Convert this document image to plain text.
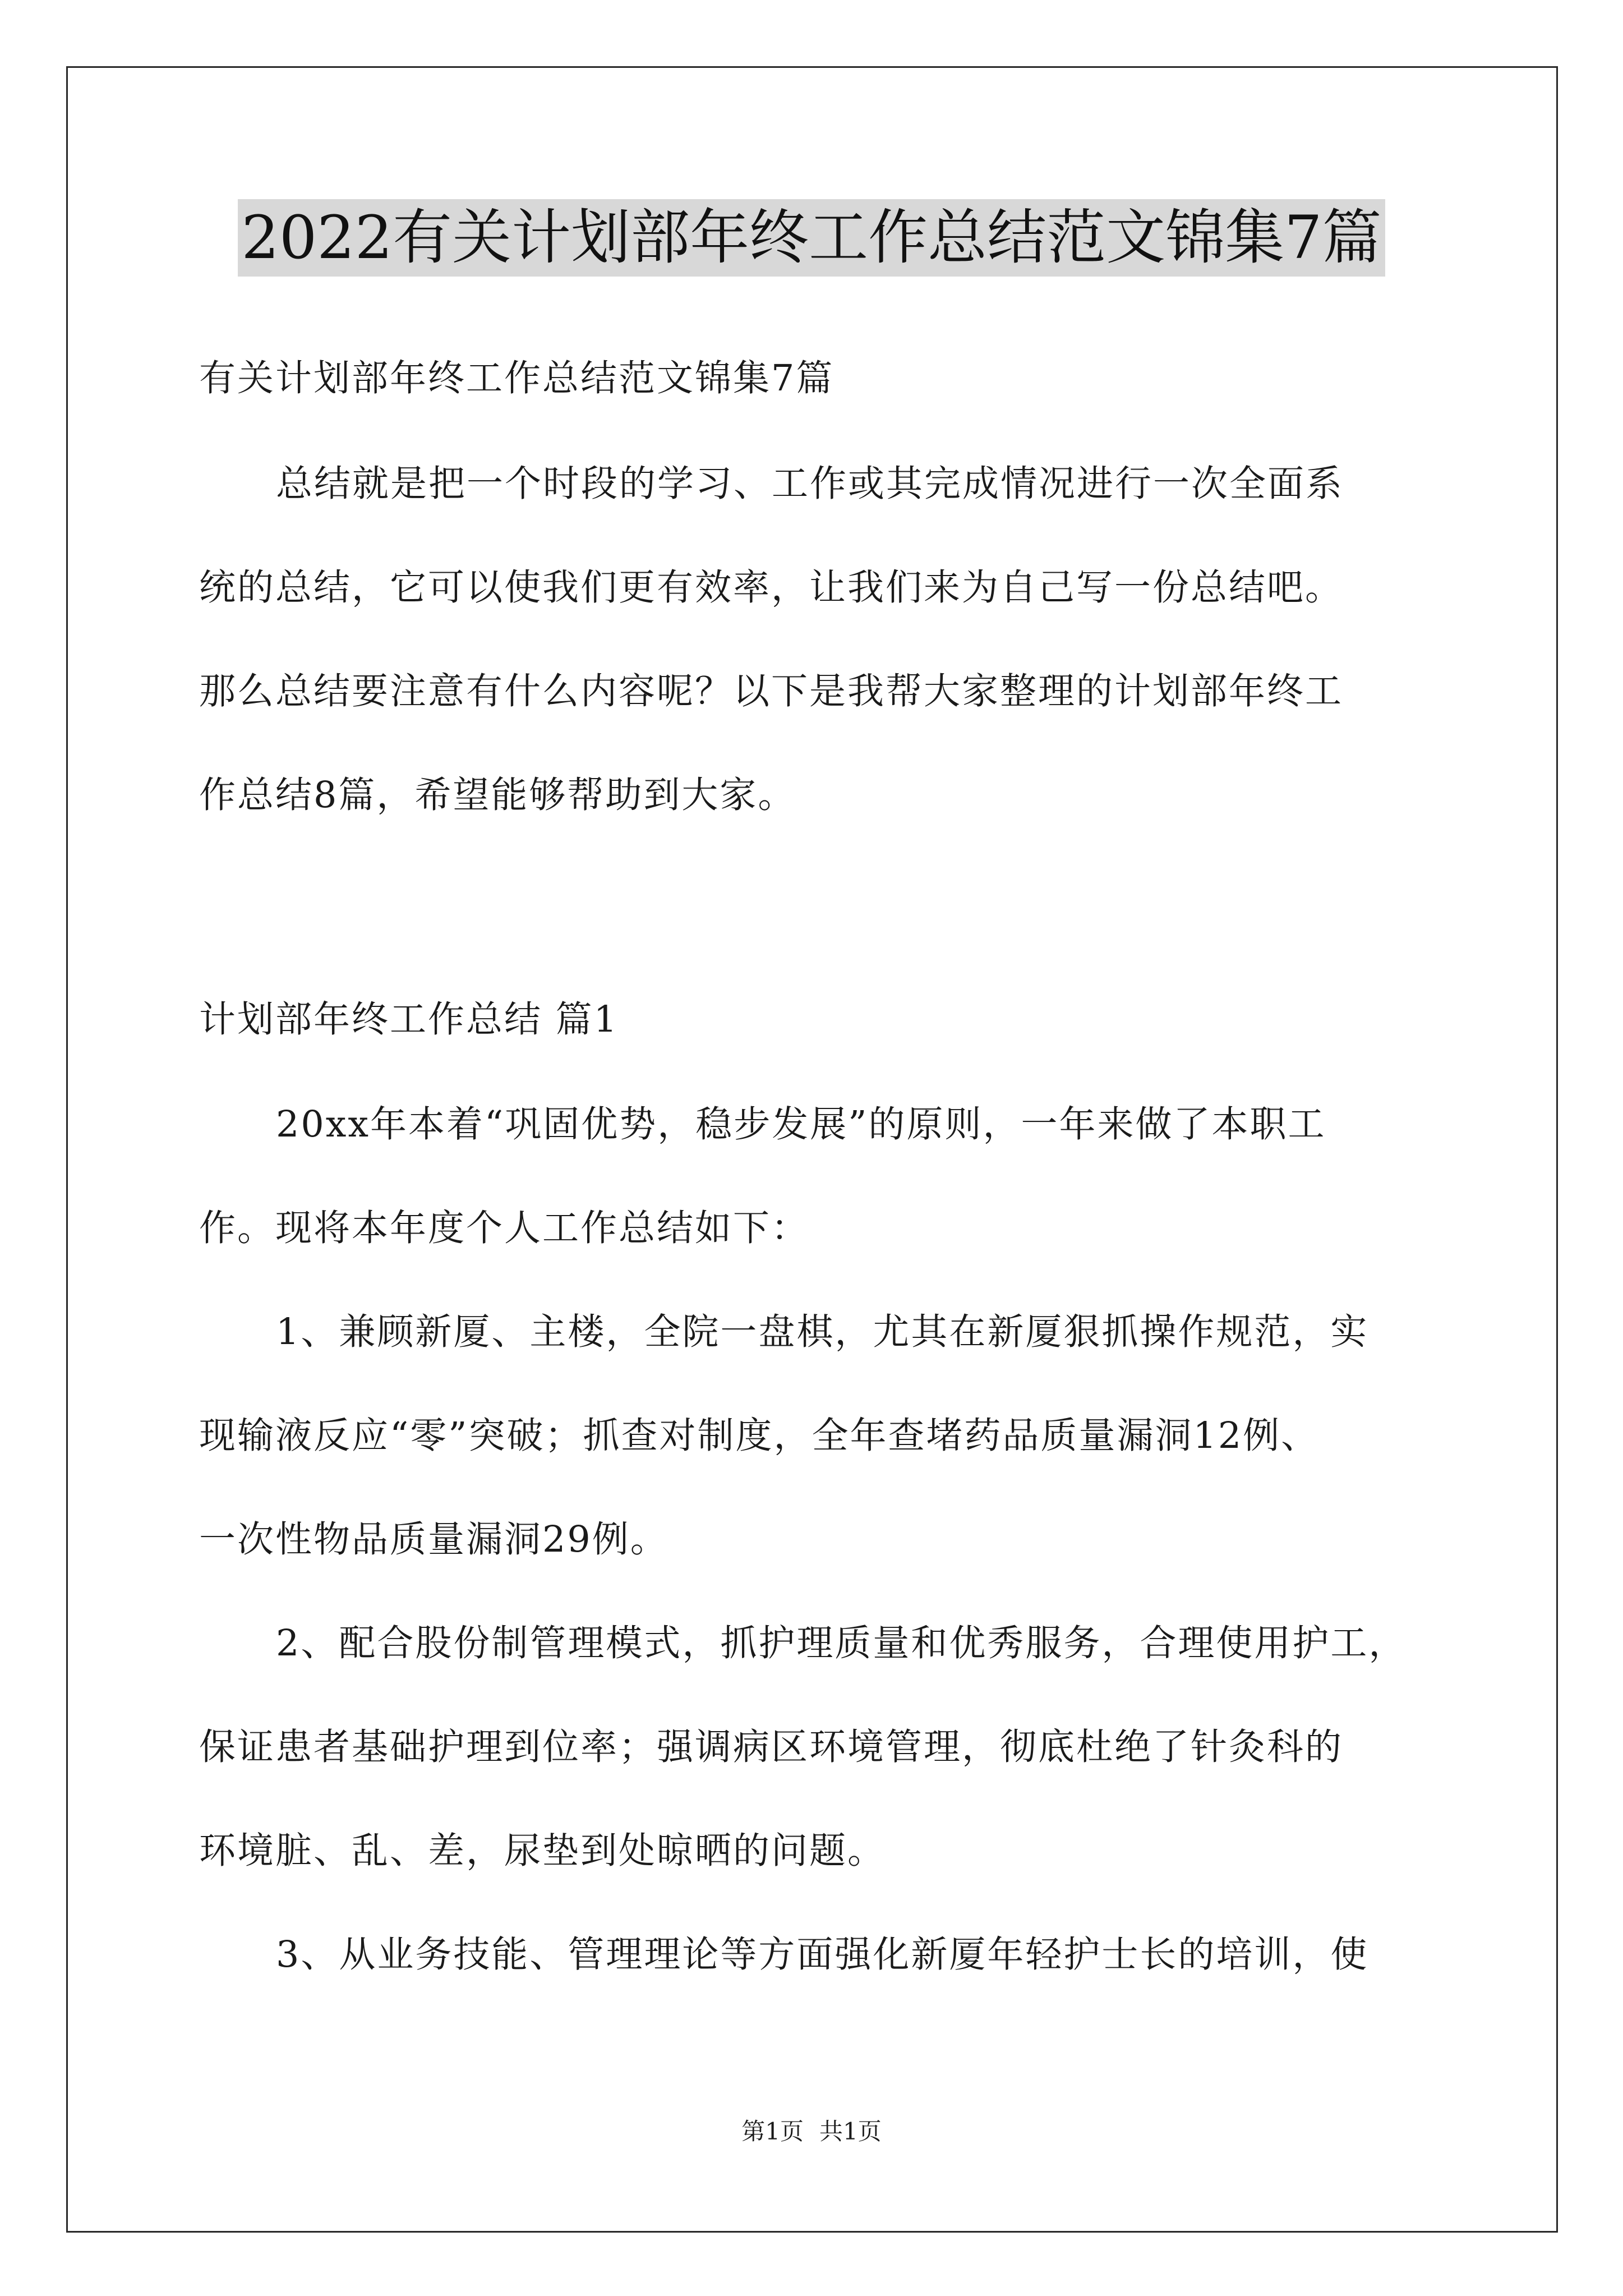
2022有关计划部年终工作总结范文锦集7篇
有关计划部年终工作总结范文锦集7篇
总结就是把一个时段的学习、工作或其完成情况进行一次全面系
统的总结，它可以使我们更有效率，让我们来为自己写一份总结吧。
那么总结要注意有什么内容呢？以下是我帮大家整理的计划部年终工
作总结8篇，希望能够帮助到大家。
计划部年终工作总结 篇1
20xx年本着“巩固优势，稳步发展”的原则，一年来做了本职工
作。现将本年度个人工作总结如下：
1、兼顾新厦、主楼，全院一盘棋，尤其在新厦狠抓操作规范，实
现输液反应“零”突破；抓查对制度，全年查堵药品质量漏洞12例、
一次性物品质量漏洞29例。
2、配合股份制管理模式，抓护理质量和优秀服务，合理使用护工，
保证患者基础护理到位率；强调病区环境管理，彻底杜绝了针灸科的
环境脏、乱、差，尿垫到处晾晒的问题。
3、从业务技能、管理理论等方面强化新厦年轻护士长的培训，使
第1页 共1页
